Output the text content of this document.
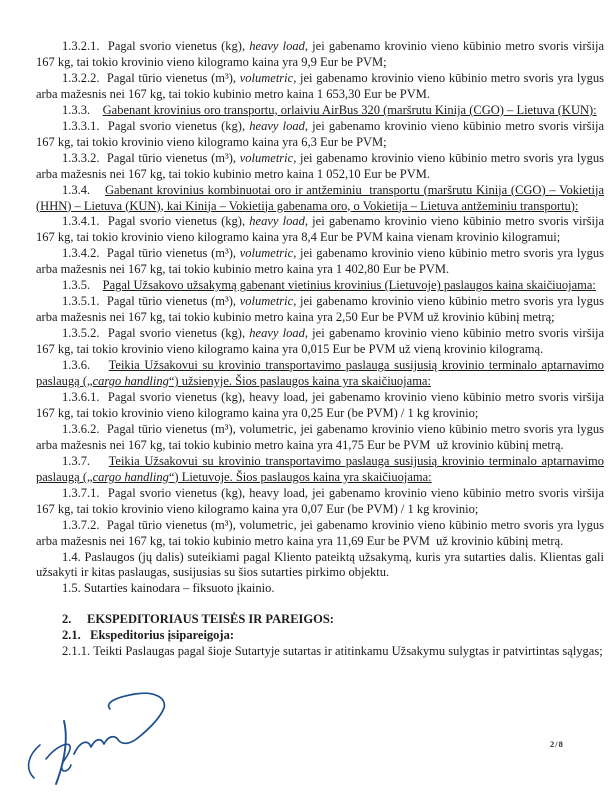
1.3.2.1.  Pagal svorio vienetus (kg), heavy load, jei gabenamo krovinio vieno kūbinio metro svoris viršija 167 kg, tai tokio krovinio vieno kilogramo kaina yra 9,9 Eur be PVM;

1.3.2.2.  Pagal tūrio vienetus (m³), volumetric, jei gabenamo krovinio vieno kūbinio metro svoris yra lygus arba mažesnis nei 167 kg, tai tokio kubinio metro kaina 1 653,30 Eur be PVM.

1.3.3.    Gabenant krovinius oro transportu, orlaiviu AirBus 320 (maršrutu Kinija (CGO) – Lietuva (KUN):

1.3.3.1.  Pagal svorio vienetus (kg), heavy load, jei gabenamo krovinio vieno kūbinio metro svoris viršija 167 kg, tai tokio krovinio vieno kilogramo kaina yra 6,3 Eur be PVM;

1.3.3.2.  Pagal tūrio vienetus (m³), volumetric, jei gabenamo krovinio vieno kūbinio metro svoris yra lygus arba mažesnis nei 167 kg, tai tokio kubinio metro kaina 1 052,10 Eur be PVM.

1.3.4.    Gabenant krovinius kombinuotai oro ir antžeminiu  transportu (maršrutu Kinija (CGO) – Vokietija (HHN) – Lietuva (KUN), kai Kinija – Vokietija gabenama oro, o Vokietija – Lietuva antžeminiu transportu):

1.3.4.1.  Pagal svorio vienetus (kg), heavy load, jei gabenamo krovinio vieno kūbinio metro svoris viršija 167 kg, tai tokio krovinio vieno kilogramo kaina yra 8,4 Eur be PVM kaina vienam krovinio kilogramui;

1.3.4.2.  Pagal tūrio vienetus (m³), volumetric, jei gabenamo krovinio vieno kūbinio metro svoris yra lygus arba mažesnis nei 167 kg, tai tokio kubinio metro kaina yra 1 402,80 Eur be PVM.

1.3.5.    Pagal Užsakovo užsakymą gabenant vietinius krovinius (Lietuvoje) paslaugos kaina skaičiuojama:

1.3.5.1.  Pagal tūrio vienetus (m³), volumetric, jei gabenamo krovinio vieno kūbinio metro svoris yra lygus arba mažesnis nei 167 kg, tai tokio kubinio metro kaina yra 2,50 Eur be PVM už krovinio kūbinį metrą;

1.3.5.2.  Pagal svorio vienetus (kg), heavy load, jei gabenamo krovinio vieno kūbinio metro svoris viršija 167 kg, tai tokio krovinio vieno kilogramo kaina yra 0,015 Eur be PVM už vieną krovinio kilogramą.

1.3.6.    Teikia Užsakovui su krovinio transportavimo paslauga susijusią krovinio terminalo aptarnavimo paslaugą („cargo handling“) užsienyje. Šios paslaugos kaina yra skaičiuojama:

1.3.6.1.  Pagal svorio vienetus (kg), heavy load, jei gabenamo krovinio vieno kūbinio metro svoris viršija 167 kg, tai tokio krovinio vieno kilogramo kaina yra 0,25 Eur (be PVM) / 1 kg krovinio;

1.3.6.2.  Pagal tūrio vienetus (m³), volumetric, jei gabenamo krovinio vieno kūbinio metro svoris yra lygus arba mažesnis nei 167 kg, tai tokio kubinio metro kaina yra 41,75 Eur be PVM  už krovinio kūbinį metrą.

1.3.7.    Teikia Užsakovui su krovinio transportavimo paslauga susijusią krovinio terminalo aptarnavimo paslaugą („cargo handling“) Lietuvoje. Šios paslaugos kaina yra skaičiuojama:

1.3.7.1.  Pagal svorio vienetus (kg), heavy load, jei gabenamo krovinio vieno kūbinio metro svoris viršija 167 kg, tai tokio krovinio vieno kilogramo kaina yra 0,07 Eur (be PVM) / 1 kg krovinio;

1.3.7.2.  Pagal tūrio vienetus (m³), volumetric, jei gabenamo krovinio vieno kūbinio metro svoris yra lygus arba mažesnis nei 167 kg, tai tokio kubinio metro kaina yra 11,69 Eur be PVM  už krovinio kūbinį metrą.

1.4. Paslaugos (jų dalis) suteikiami pagal Kliento pateiktą užsakymą, kuris yra sutarties dalis. Klientas gali užsakyti ir kitas paslaugas, susijusias su šios sutarties pirkimo objektu.

1.5. Sutarties kainodara – fiksuoto įkainio.

2.     EKSPEDITORIAUS TEISĖS IR PAREIGOS:

2.1.   Ekspeditorius įsipareigoja:

2.1.1. Teikti Paslaugas pagal šioje Sutartyje sutartas ir atitinkamu Užsakymu sulygtas ir patvirtintas sąlygas;

2/8
